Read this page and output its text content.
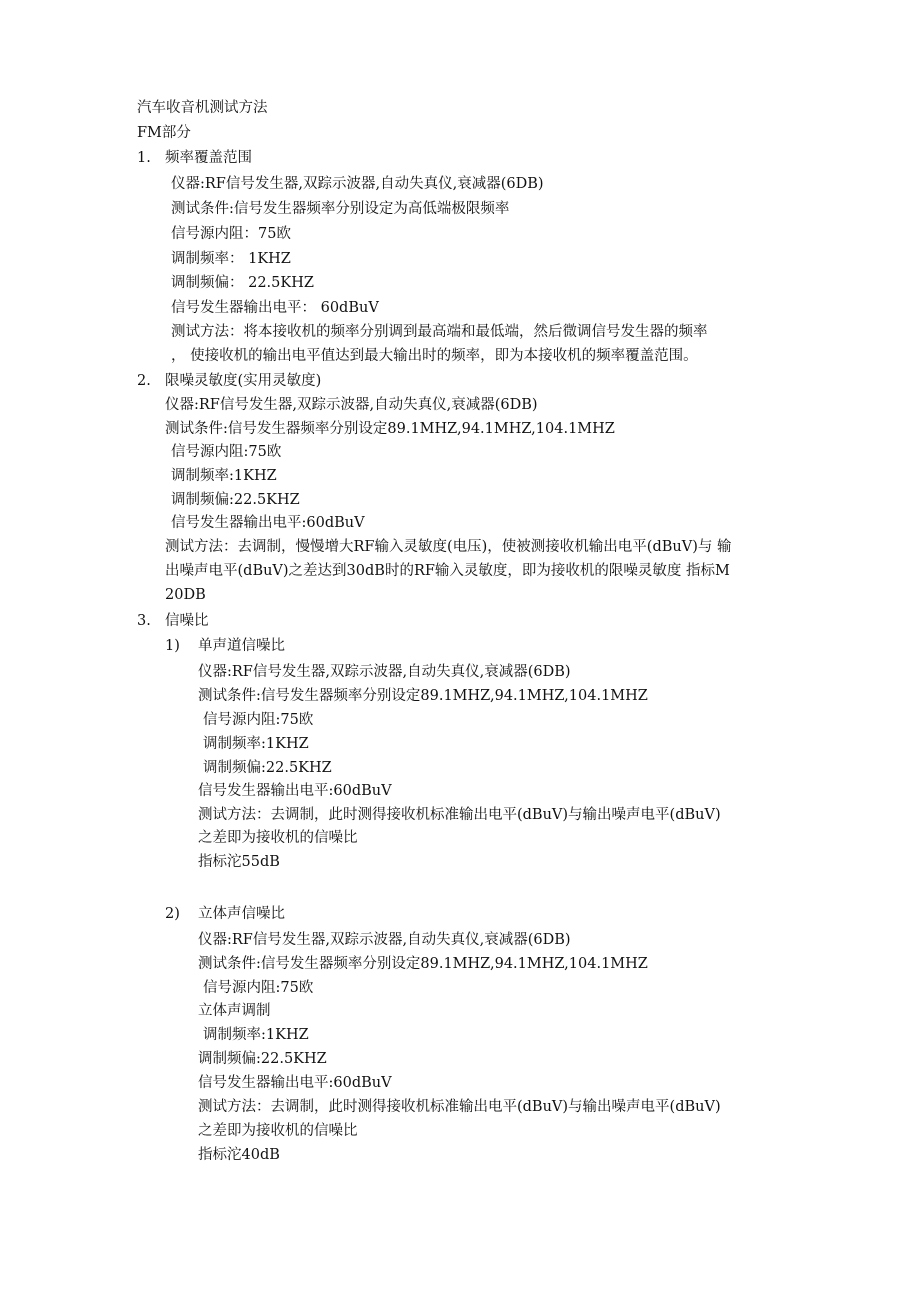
汽车收音机测试方法
FM部分
1. 频率覆盖范围
仪器:RF信号发生器,双踪示波器,自动失真仪,衰减器(6DB)
测试条件:信号发生器频率分别设定为高低端极限频率
信号源内阻：75欧
调制频率： 1KHZ
调制频偏： 22.5KHZ
信号发生器输出电平： 60dBuV
测试方法：将本接收机的频率分别调到最高端和最低端，然后微调信号发生器的频率
， 使接收机的输出电平值达到最大输出时的频率，即为本接收机的频率覆盖范围。
2. 限噪灵敏度(实用灵敏度)
仪器:RF信号发生器,双踪示波器,自动失真仪,衰减器(6DB)
测试条件:信号发生器频率分别设定89.1MHZ,94.1MHZ,104.1MHZ
信号源内阻:75欧
调制频率:1KHZ
调制频偏:22.5KHZ
信号发生器输出电平:60dBuV
测试方法：去调制，慢慢增大RF输入灵敏度(电压)，使被测接收机输出电平(dBuV)与 输
出噪声电平(dBuV)之差达到30dB时的RF输入灵敏度，即为接收机的限噪灵敏度 指标M
20DB
3. 信噪比
1) 单声道信噪比
仪器:RF信号发生器,双踪示波器,自动失真仪,衰减器(6DB)
测试条件:信号发生器频率分别设定89.1MHZ,94.1MHZ,104.1MHZ
信号源内阻:75欧
调制频率:1KHZ
调制频偏:22.5KHZ
信号发生器输出电平:60dBuV
测试方法：去调制，此时测得接收机标准输出电平(dBuV)与输出噪声电平(dBuV)
之差即为接收机的信噪比
指标沱55dB
2) 立体声信噪比
仪器:RF信号发生器,双踪示波器,自动失真仪,衰减器(6DB)
测试条件:信号发生器频率分别设定89.1MHZ,94.1MHZ,104.1MHZ
信号源内阻:75欧
立体声调制
调制频率:1KHZ
调制频偏:22.5KHZ
信号发生器输出电平:60dBuV
测试方法：去调制，此时测得接收机标准输出电平(dBuV)与输出噪声电平(dBuV)
之差即为接收机的信噪比
指标沱40dB
